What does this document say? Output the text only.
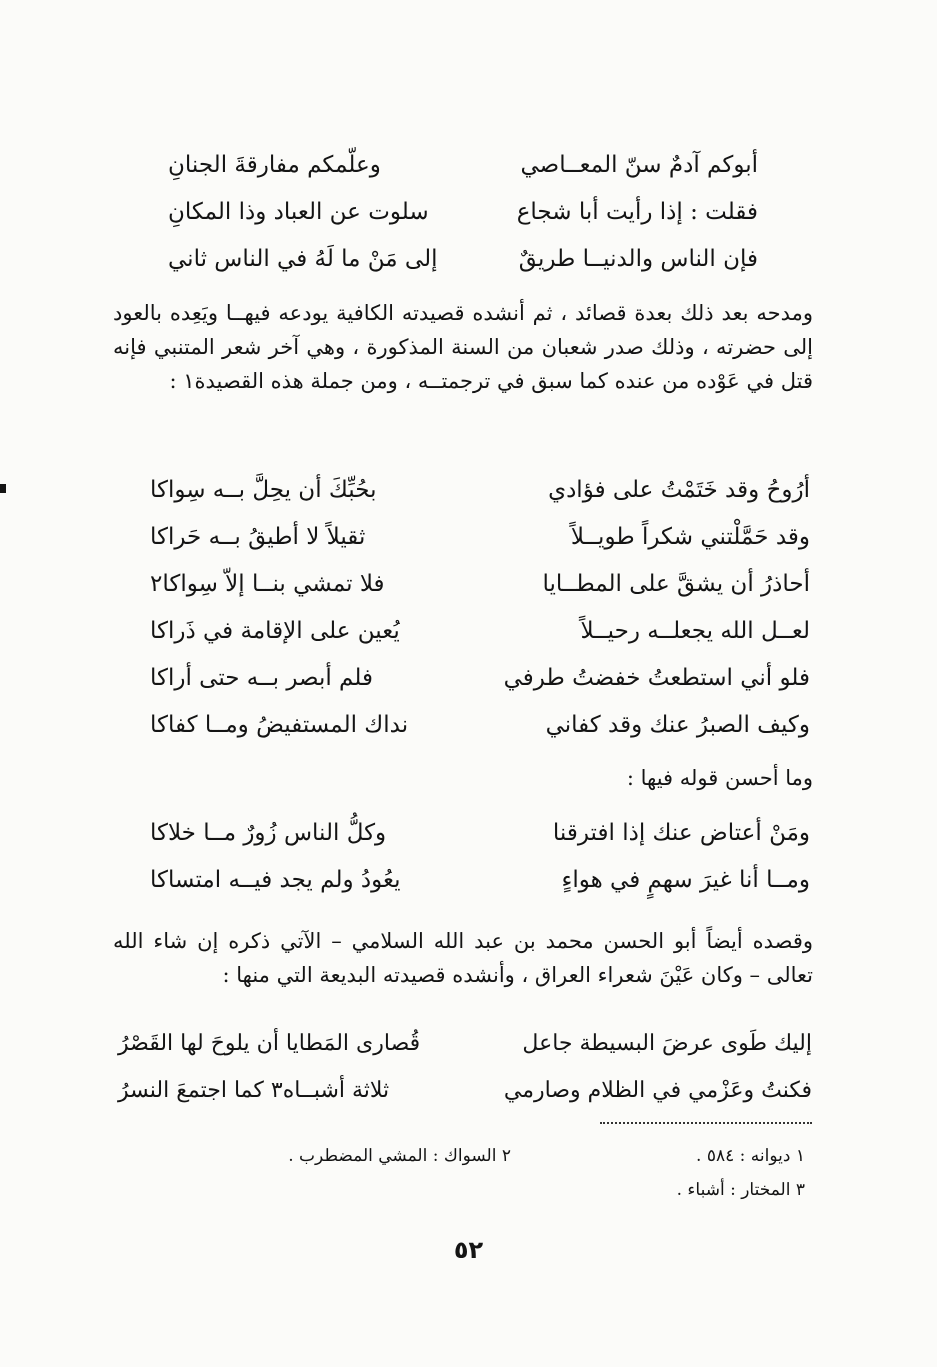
أبوكم آدمٌ سنّ المعــاصي
وعلّمكم مفارقةَ الجنانِ
فقلت : إذا رأيت أبا شجاع
سلوت عن العباد وذا المكانِ
فإن الناس والدنيــا طريقٌ
إلى مَنْ ما لَهُ في الناس ثاني

ومدحه بعد ذلك بعدة قصائد ، ثم أنشده قصيدته الكافية يودعه فيهــا ويَعِده بالعود إلى حضرته ، وذلك صدر شعبان من السنة المذكورة ، وهي آخر شعر المتنبي فإنه قتل في عَوْده من عنده كما سبق في ترجمتــه ، ومن جملة هذه القصيدة١ :

أرُوحُ وقد خَتَمْتُ على فؤادي
بحُبِّكَ أن يحِلَّ بــه سِواكا
وقد حَمَّلْتني شكراً طويــلاً
ثقيلاً لا أطيقُ بــه حَراكا
أحاذرُ أن يشقَّ على المطــايا
فلا تمشي بنــا إلاّ سِواكا٢
لعــل الله يجعلــه رحيــلاً
يُعين على الإقامة في ذَراكا
فلو أني استطعتُ خفضتُ طرفي
فلم أبصر بــه حتى أراكا
وكيف الصبرُ عنك وقد كفاني
نداك المستفيضُ ومــا كفاكا

وما أحسن قوله فيها :

ومَنْ أعتاض عنك إذا افترقنا
وكلُّ الناس زُورٌ مــا خلاكا
ومــا أنا غيرَ سهمٍ في هواءٍ
يعُودُ ولم يجد فيــه امتساكا

وقصده أيضاً أبو الحسن محمد بن عبد الله السلامي – الآتي ذكره إن شاء الله تعالى – وكان عَيْنَ شعراء العراق ، وأنشده قصيدته البديعة التي منها :

إليك طَوى عرضَ البسيطة جاعل
قُصارى المَطايا أن يلوحَ لها القَصْرُ
فكنتُ وعَزْمي في الظلام وصارمي
ثلاثة أشبــاه٣ كما اجتمعَ النسرُ
١ ديوانه : ٥٨٤ .
٢ السواك : المشي المضطرب .
٣ المختار : أشباء .
٥٢
